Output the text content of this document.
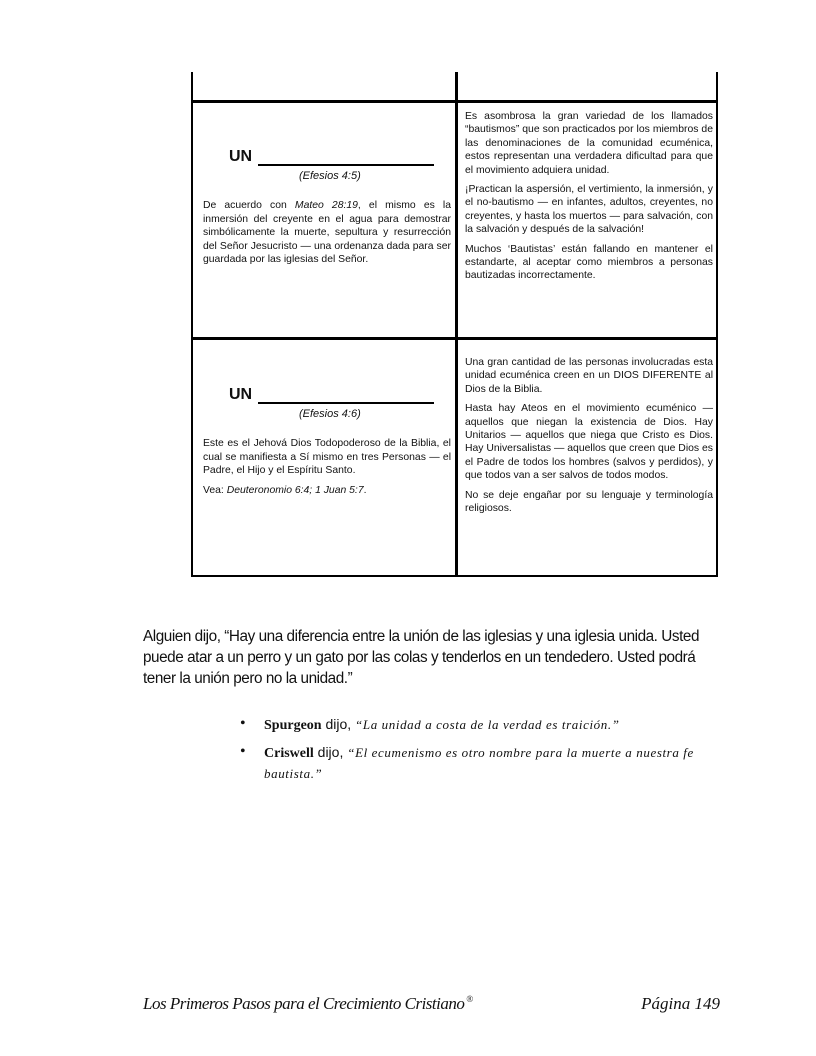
UN
(Efesios 4:5)

De acuerdo con Mateo 28:19, el mismo es la inmersión del creyente en el agua para demostrar simbólicamente la muerte, sepultura y resurrección del Señor Jesucristo — una ordenanza dada para ser guardada por las iglesias del Señor.

Es asombrosa la gran variedad de los llamados “bautismos” que son practicados por los miembros de las denominaciones de la comunidad ecuménica, estos representan una verdadera dificultad para que el movimiento adquiera unidad.

¡Practican la aspersión, el vertimiento, la inmersión, y el no-bautismo — en infantes, adultos, creyentes, no creyentes, y hasta los muertos — para salvación, con la salvación y después de la salvación!

Muchos ‘Bautistas’ están fallando en mantener el estandarte, al aceptar como miembros a personas bautizadas incorrectamente.

UN
(Efesios 4:6)

Este es el Jehová Dios Todopoderoso de la Biblia, el cual se manifiesta a Sí mismo en tres Personas — el Padre, el Hijo y el Espíritu Santo.

Vea: Deuteronomio 6:4; 1 Juan 5:7.

Una gran cantidad de las personas involucradas esta unidad ecuménica creen en un DIOS DIFERENTE al Dios de la Biblia.

Hasta hay Ateos en el movimiento ecuménico — aquellos que niegan la existencia de Dios. Hay Unitarios — aquellos que niega que Cristo es Dios. Hay Universalistas — aquellos que creen que Dios es el Padre de todos los hombres (salvos y perdidos), y que todos van a ser salvos de todos modos.

No se deje engañar por su lenguaje y terminología religiosos.

Alguien dijo, “Hay una diferencia entre la unión de las iglesias y una iglesia unida. Usted puede atar a un perro y un gato por las colas y tenderlos en un tendedero. Usted podrá tener la unión pero no la unidad.”
• Spurgeon dijo, “La unidad a costa de la verdad es traición.”
• Criswell dijo, “El ecumenismo es otro nombre para la muerte a nuestra fe bautista.”
Los Primeros Pasos para el Crecimiento Cristiano ®	Página 149
